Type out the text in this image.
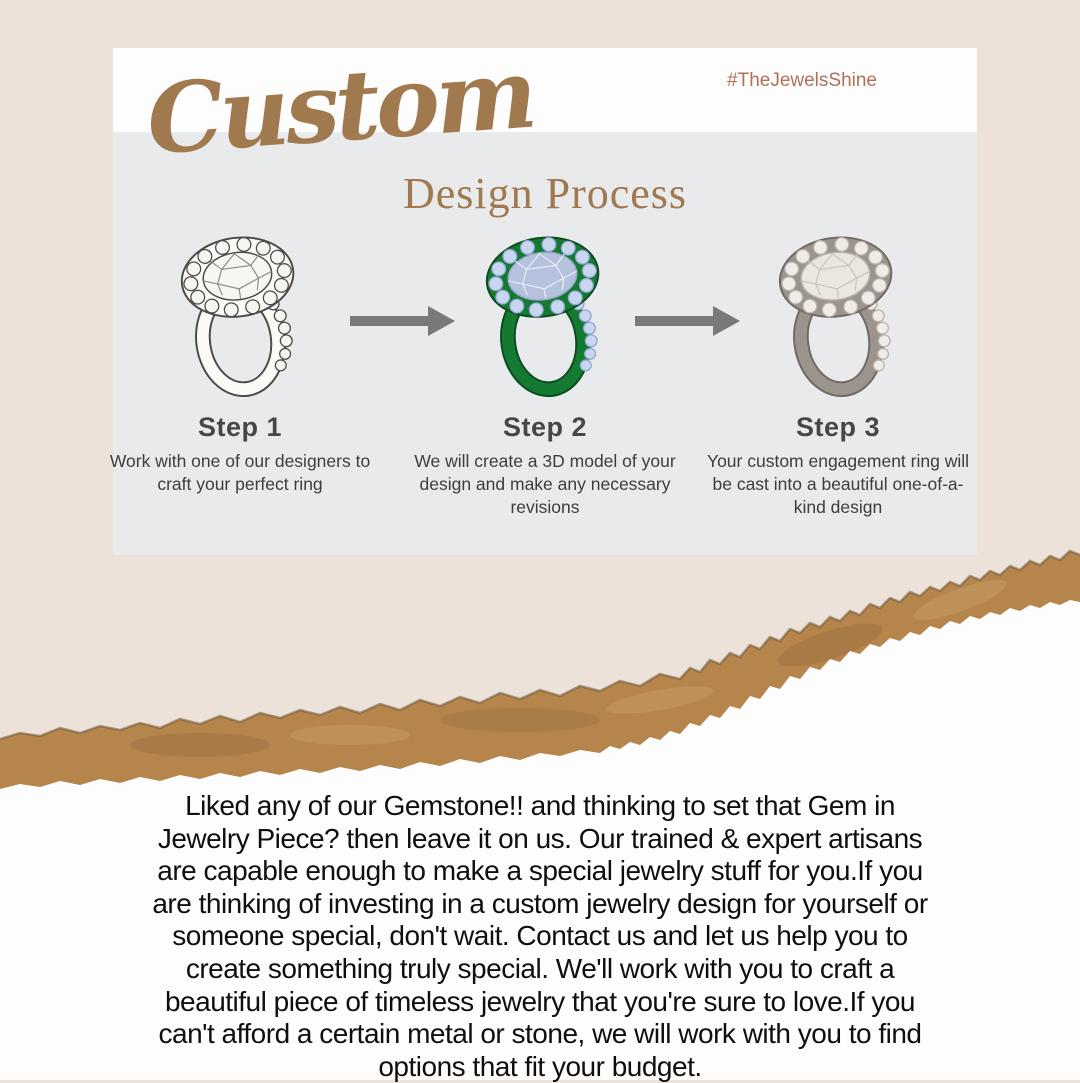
Custom	#TheJewelsShine
Design Process
Step 1
Work with one of our designers to craft your perfect ring
Step 2
We will create a 3D model of your design and make any necessary revisions
Step 3
Your custom engagement ring will be cast into a beautiful one-of-a-kind design
Liked any of our Gemstone!! and thinking to set that Gem in
Jewelry Piece? then leave it on us. Our trained & expert artisans
are capable enough to make a special jewelry stuff for you.If you
are thinking of investing in a custom jewelry design for yourself or
someone special, don't wait. Contact us and let us help you to
create something truly special. We'll work with you to craft a
beautiful piece of timeless jewelry that you're sure to love.If you
can't afford a certain metal or stone, we will work with you to find
options that fit your budget.
